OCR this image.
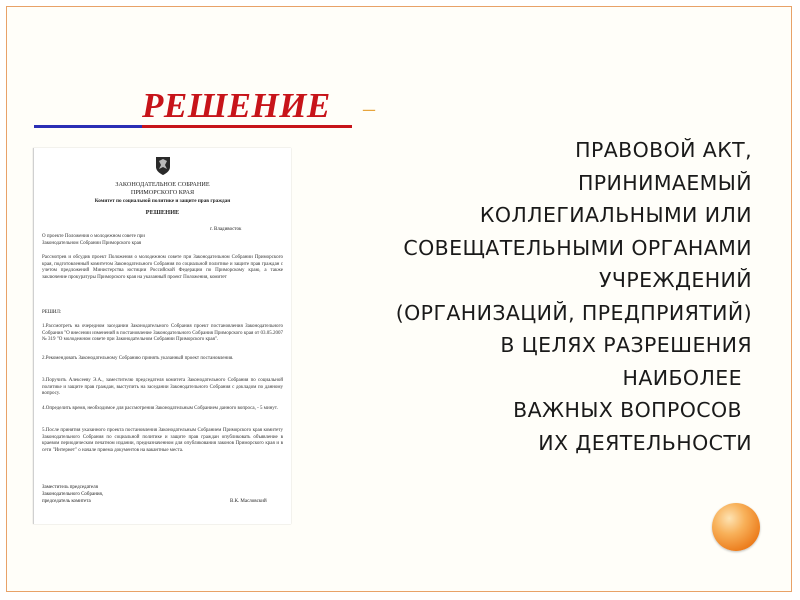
РЕШЕНИЕ –
ПРАВОВОЙ АКТ,
ПРИНИМАЕМЫЙ
КОЛЛЕГИАЛЬНЫМИ ИЛИ
СОВЕЩАТЕЛЬНЫМИ ОРГАНАМИ
УЧРЕЖДЕНИЙ
(ОРГАНИЗАЦИЙ, ПРЕДПРИЯТИЙ)
В ЦЕЛЯХ РАЗРЕШЕНИЯ
НАИБОЛЕЕ
ВАЖНЫХ ВОПРОСОВ
ИХ ДЕЯТЕЛЬНОСТИ
ЗАКОНОДАТЕЛЬНОЕ СОБРАНИЕ
ПРИМОРСКОГО КРАЯ
Комитет по социальной политике и защите прав граждан
РЕШЕНИЕ
г. Владивосток
О проекте Положения о молодежном совете при Законодательном Собрании Приморского края
Рассмотрев и обсудив проект Положения о молодежном совете при Законодательном Собрании Приморского края, подготовленный комитетом Законодательного Собрания по социальной политике и защите прав граждан с учетом предложений Министерства юстиции Российской Федерации по Приморскому краю, а также заключение прокуратуры Приморского края на указанный проект Положения, комитет
РЕШИЛ:
1.Рассмотреть на очередном заседании Законодательного Собрания проект постановления Законодательного Собрания "О внесении изменений в постановление Законодательного Собрания Приморского края от 03.05.2007 № 319 "О молодежном совете при Законодательном Собрании Приморского края".
2.Рекомендовать Законодательному Собранию принять указанный проект постановления.
3.Поручить Алексееву Э.А., заместителю председателя комитета Законодательного Собрания по социальной политике и защите прав граждан, выступить на заседании Законодательного Собрания с докладом по данному вопросу.
4.Определить время, необходимое для рассмотрения Законодательным Собранием данного вопроса, - 5 минут.
5.После принятия указанного проекта постановления Законодательным Собранием Приморского края комитету Законодательного Собрания по социальной политике и защите прав граждан опубликовать объявление в краевом периодическом печатном издании, предназначенном для опубликования законов Приморского края и в сети "Интернет" о начале приема документов на вакантные места.
Заместитель председателя
Законодательного Собрания,
председатель комитета	В.К. Масловский
